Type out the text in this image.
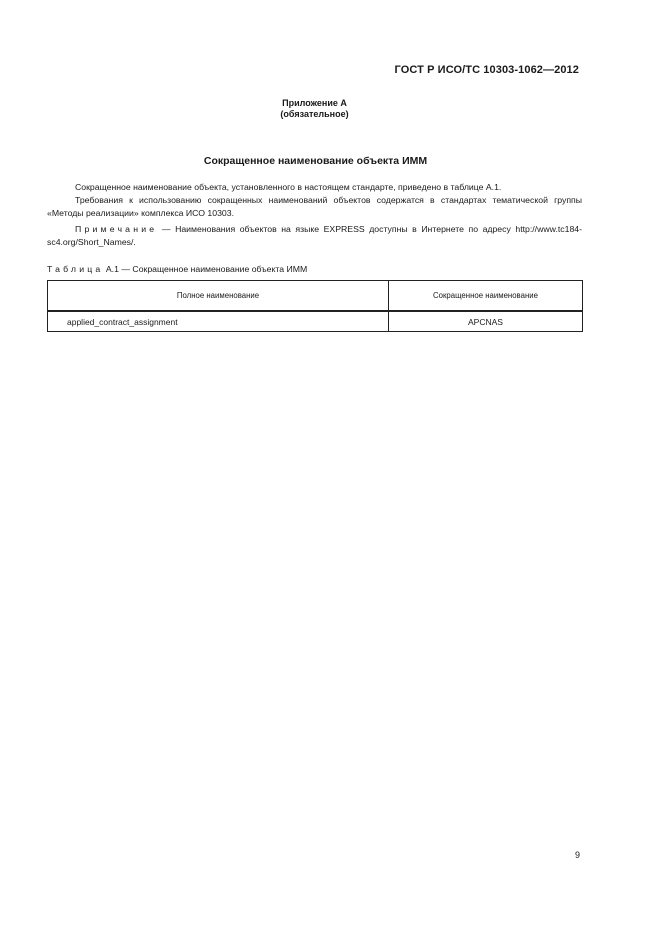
ГОСТ Р ИСО/ТС 10303-1062—2012
Приложение А
(обязательное)
Сокращенное наименование объекта ИММ
Сокращенное наименование объекта, установленного в настоящем стандарте, приведено в таблице А.1.
Требования к использованию сокращенных наименований объектов содержатся в стандартах тематической группы «Методы реализации» комплекса ИСО 10303.
Примечание — Наименования объектов на языке EXPRESS доступны в Интернете по адресу http://www.tc184-sc4.org/Short_Names/.
Таблица А.1 — Сокращенное наименование объекта ИММ
Полное наименование	Сокращенное наименование
applied_contract_assignment	APCNAS
9
